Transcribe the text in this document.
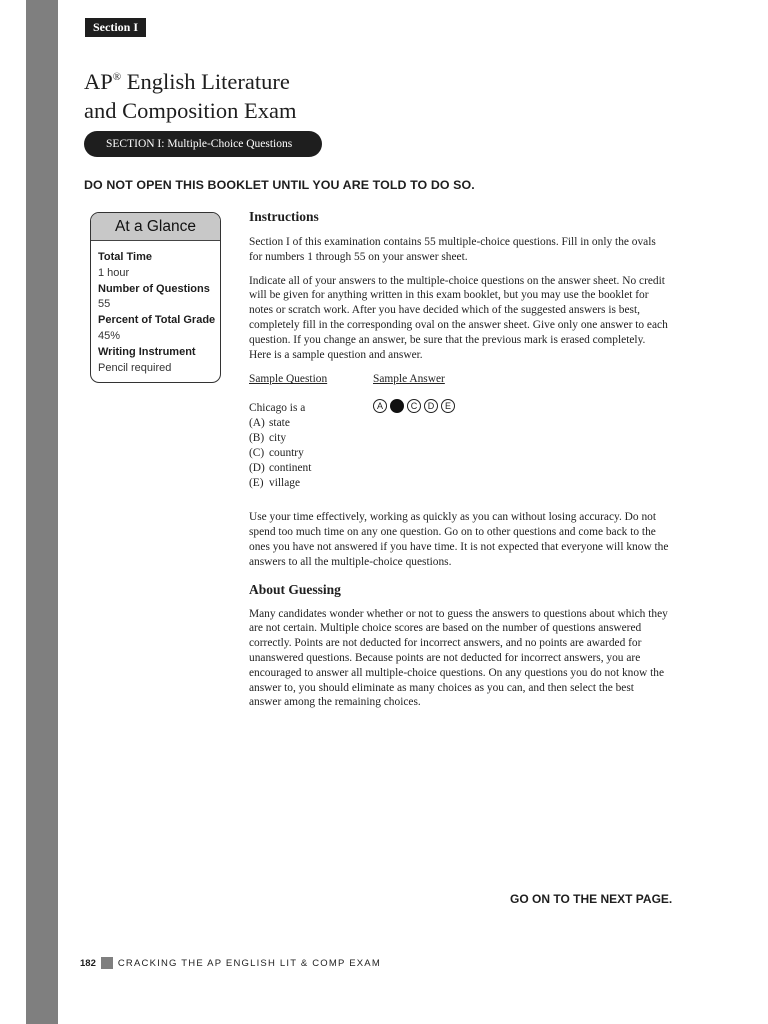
Section I
AP® English Literature
and Composition Exam
SECTION I: Multiple-Choice Questions
DO NOT OPEN THIS BOOKLET UNTIL YOU ARE TOLD TO DO SO.
At a Glance
Total Time
1 hour
Number of Questions
55
Percent of Total Grade
45%
Writing Instrument
Pencil required
Instructions

Section I of this examination contains 55 multiple-choice questions. Fill in only the ovals for numbers 1 through 55 on your answer sheet.

Indicate all of your answers to the multiple-choice questions on the answer sheet. No credit will be given for anything written in this exam booklet, but you may use the booklet for notes or scratch work. After you have decided which of the suggested answers is best, completely fill in the corresponding oval on the answer sheet. Give only one answer to each question. If you change an answer, be sure that the previous mark is erased completely. Here is a sample question and answer.

Sample Question	Sample Answer
Chicago is a
(A) state
(B) city
(C) country
(D) continent
(E) village
A	C	D	E

Use your time effectively, working as quickly as you can without losing accuracy. Do not spend too much time on any one question. Go on to other questions and come back to the ones you have not answered if you have time. It is not expected that everyone will know the answers to all the multiple-choice questions.

About Guessing

Many candidates wonder whether or not to guess the answers to questions about which they are not certain. Multiple choice scores are based on the number of questions answered correctly. Points are not deducted for incorrect answers, and no points are awarded for unanswered questions. Because points are not deducted for incorrect answers, you are encouraged to answer all multiple-choice questions. On any questions you do not know the answer to, you should eliminate as many choices as you can, and then select the best answer among the remaining choices.

GO ON TO THE NEXT PAGE.
182 CRACKING THE AP ENGLISH LIT & COMP EXAM
